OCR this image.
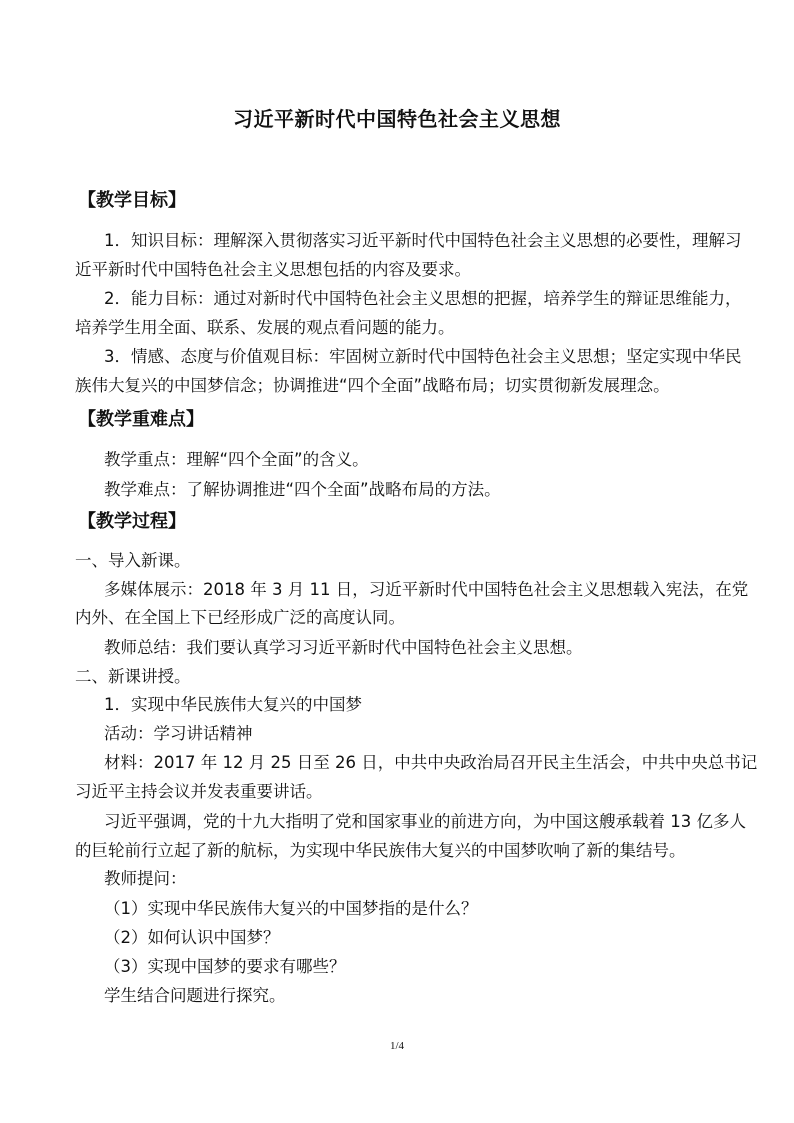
习近平新时代中国特色社会主义思想
【教学目标】
1．知识目标：理解深入贯彻落实习近平新时代中国特色社会主义思想的必要性，理解习
近平新时代中国特色社会主义思想包括的内容及要求。
2．能力目标：通过对新时代中国特色社会主义思想的把握，培养学生的辩证思维能力，
培养学生用全面、联系、发展的观点看问题的能力。
3．情感、态度与价值观目标：牢固树立新时代中国特色社会主义思想；坚定实现中华民
族伟大复兴的中国梦信念；协调推进“四个全面”战略布局；切实贯彻新发展理念。
【教学重难点】
教学重点：理解“四个全面”的含义。
教学难点：了解协调推进“四个全面”战略布局的方法。
【教学过程】
一、导入新课。
多媒体展示：2018 年 3 月 11 日，习近平新时代中国特色社会主义思想载入宪法，在党
内外、在全国上下已经形成广泛的高度认同。
教师总结：我们要认真学习习近平新时代中国特色社会主义思想。
二、新课讲授。
1．实现中华民族伟大复兴的中国梦
活动：学习讲话精神
材料：2017 年 12 月 25 日至 26 日，中共中央政治局召开民主生活会，中共中央总书记
习近平主持会议并发表重要讲话。
习近平强调，党的十九大指明了党和国家事业的前进方向，为中国这艘承载着 13 亿多人
的巨轮前行立起了新的航标，为实现中华民族伟大复兴的中国梦吹响了新的集结号。
教师提问：
（1）实现中华民族伟大复兴的中国梦指的是什么？
（2）如何认识中国梦？
（3）实现中国梦的要求有哪些？
学生结合问题进行探究。
1/4
